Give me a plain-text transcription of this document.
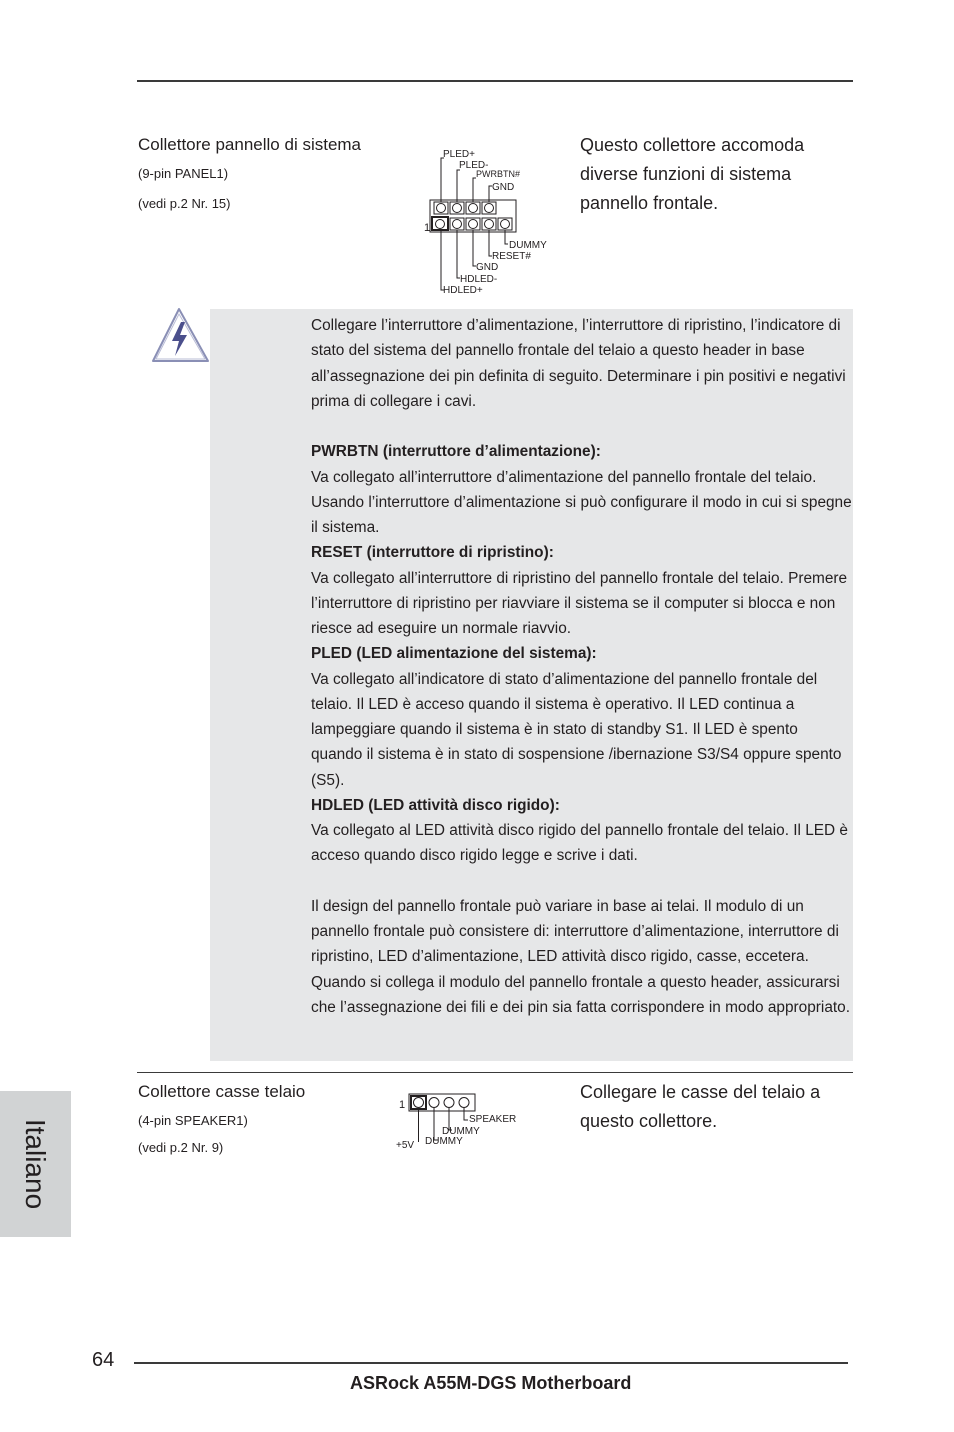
Collettore pannello di sistema
(9-pin PANEL1)
(vedi p.2 Nr. 15)
Questo collettore accomoda diverse funzioni di sistema pannello frontale.
1
PLED+
PLED-
PWRBTN#
GND
DUMMY
RESET#
GND
HDLED-
HDLED+

Collegare l’interruttore d’alimentazione, l’interruttore di ripristino, l’indicatore di stato del sistema del pannello frontale del telaio a questo header in base all’assegnazione dei pin definita di seguito. Determinare i pin positivi e negativi prima di collegare i cavi.

PWRBTN (interruttore d’alimentazione):

Va collegato all’interruttore d’alimentazione del pannello frontale del telaio. Usando l’interruttore d’alimentazione si può configurare il modo in cui si spegne il sistema.

RESET (interruttore di ripristino):

Va collegato all’interruttore di ripristino del pannello frontale del telaio. Premere l’interruttore di ripristino per riavviare il sistema se il computer si blocca e non riesce ad eseguire un normale riavvio.

PLED (LED alimentazione del sistema):

Va collegato all’indicatore di stato d’alimentazione del pannello frontale del telaio. Il LED è acceso quando il sistema è operativo. Il LED continua a lampeggiare quando il sistema è in stato di standby S1. Il LED è spento quando il sistema è in stato di sospensione /ibernazione S3/S4 oppure spento (S5).

HDLED (LED attività disco rigido):

Va collegato al LED attività disco rigido del pannello frontale del telaio. Il LED è acceso quando disco rigido legge e scrive i dati.

Il design del pannello frontale può variare in base ai telai. Il modulo di un pannello frontale può consistere di: interruttore d’alimentazione, interruttore di ripristino, LED d’alimentazione, LED attività disco rigido, casse, eccetera. Quando si collega il modulo del pannello frontale a questo header, assicurarsi che l’assegnazione dei fili e dei pin sia fatta corrispondere in modo appropriato.

Collettore casse telaio
(4-pin SPEAKER1)
(vedi p.2 Nr. 9)
Collegare le casse del telaio a questo collettore.
1
SPEAKER
DUMMY
+5V DUMMY
Italiano
64
ASRock A55M-DGS Motherboard
